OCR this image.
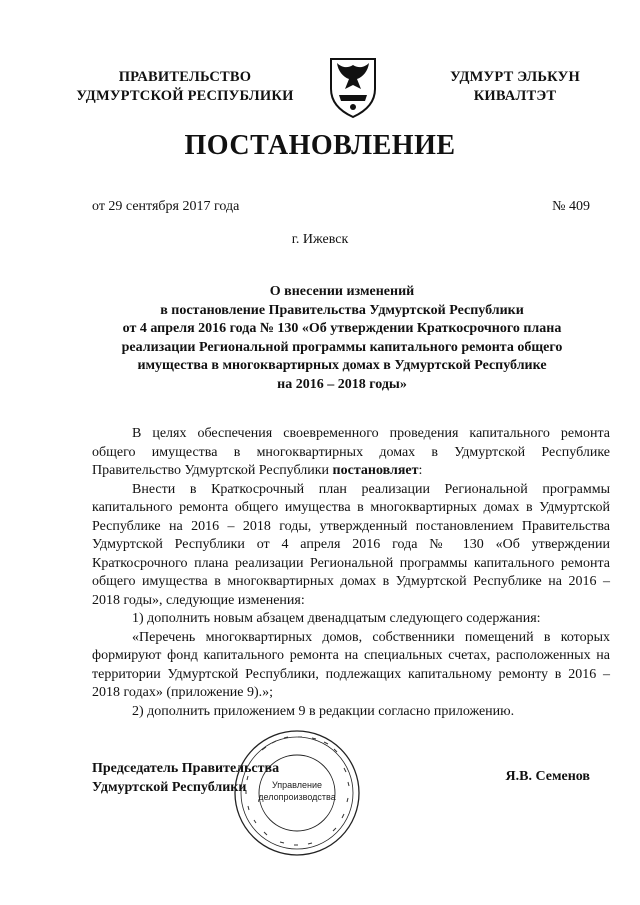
ПРАВИТЕЛЬСТВО
УДМУРТСКОЙ РЕСПУБЛИКИ
УДМУРТ ЭЛЬКУН
КИВАЛТЭТ
ПОСТАНОВЛЕНИЕ
от 29 сентября 2017 года	№ 409
г. Ижевск
О внесении изменений
в постановление Правительства Удмуртской Республики
от 4 апреля 2016 года № 130 «Об утверждении Краткосрочного плана
реализации Региональной программы капитального ремонта общего
имущества в многоквартирных домах в Удмуртской Республике
на 2016 – 2018 годы»

В целях обеспечения своевременного проведения капитального ремонта общего имущества в многоквартирных домах в Удмуртской Республике Правительство Удмуртской Республики постановляет:

Внести в Краткосрочный план реализации Региональной программы капитального ремонта общего имущества в многоквартирных домах в Удмуртской Республике на 2016 – 2018 годы, утвержденный постановлением Правительства Удмуртской Республики от 4 апреля 2016 года № 130 «Об утверждении Краткосрочного плана реализации Региональной программы капитального ремонта общего имущества в многоквартирных домах в Удмуртской Республике на 2016 – 2018 годы», следующие изменения:

1) дополнить новым абзацем двенадцатым следующего содержания:

«Перечень многоквартирных домов, собственники помещений в которых формируют фонд капитального ремонта на специальных счетах, расположенных на территории Удмуртской Республики, подлежащих капитальному ремонту в 2016 – 2018 годах» (приложение 9).»;

2) дополнить приложением 9 в редакции согласно приложению.

Председатель Правительства
Удмуртской Республики	Управление
делопроизводства
Я.В. Семенов
